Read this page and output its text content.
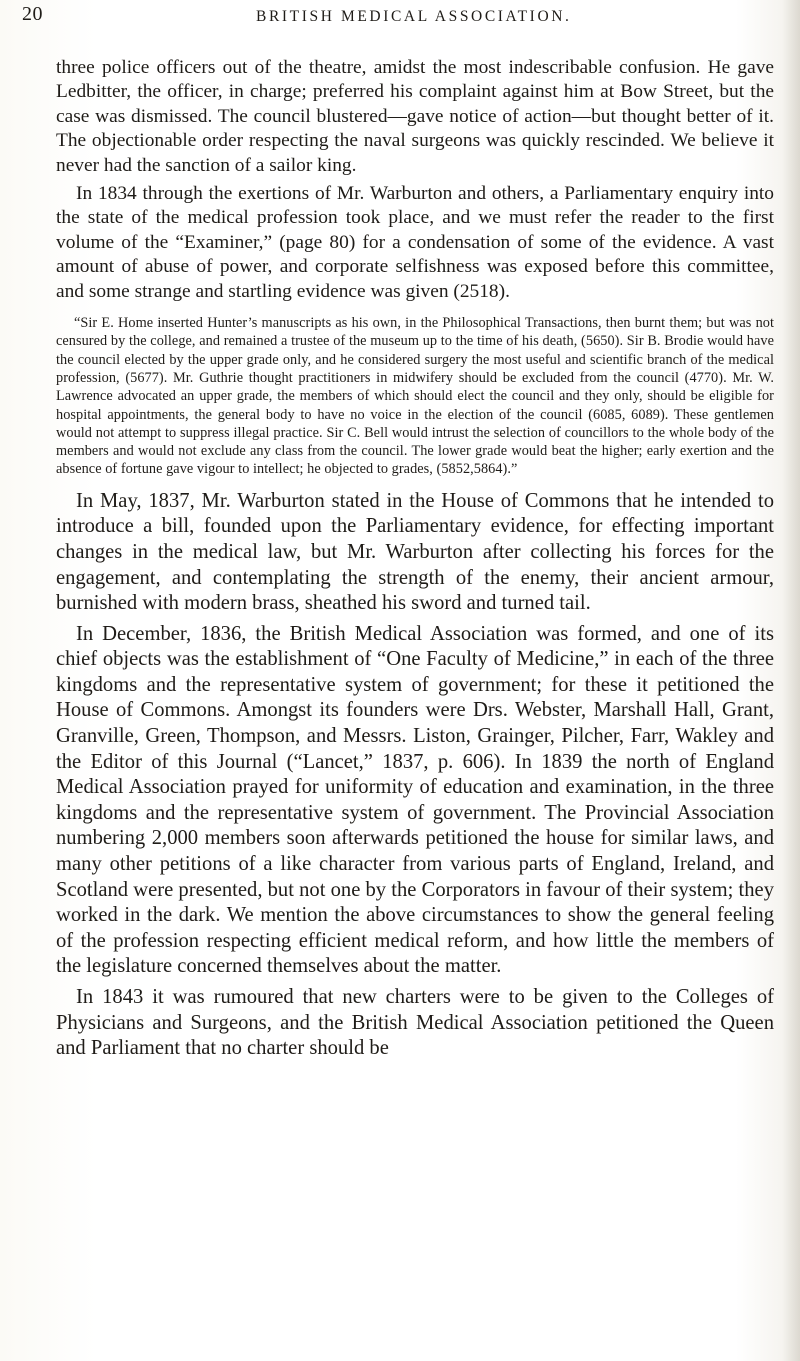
20	BRITISH MEDICAL ASSOCIATION.

three police officers out of the theatre, amidst the most indescribable confusion. He gave Ledbitter, the officer, in charge; preferred his complaint against him at Bow Street, but the case was dismissed. The council blustered—gave notice of action—but thought better of it. The objectionable order respecting the naval surgeons was quickly rescinded. We believe it never had the sanction of a sailor king.

In 1834 through the exertions of Mr. Warburton and others, a Parliamentary enquiry into the state of the medical profession took place, and we must refer the reader to the first volume of the “Examiner,” (page 80) for a condensation of some of the evidence. A vast amount of abuse of power, and corporate selfishness was exposed before this committee, and some strange and startling evidence was given (2518).

“Sir E. Home inserted Hunter’s manuscripts as his own, in the Philosophical Transactions, then burnt them; but was not censured by the college, and remained a trustee of the museum up to the time of his death, (5650). Sir B. Brodie would have the council elected by the upper grade only, and he considered surgery the most useful and scientific branch of the medical profession, (5677). Mr. Guthrie thought practitioners in midwifery should be excluded from the council (4770). Mr. W. Lawrence advocated an upper grade, the members of which should elect the council and they only, should be eligible for hospital appointments, the general body to have no voice in the election of the council (6085, 6089). These gentlemen would not attempt to suppress illegal practice. Sir C. Bell would intrust the selection of councillors to the whole body of the members and would not exclude any class from the council. The lower grade would beat the higher; early exertion and the absence of fortune gave vigour to intellect; he objected to grades, (5852,5864).”

In May, 1837, Mr. Warburton stated in the House of Commons that he intended to introduce a bill, founded upon the Parliamentary evidence, for effecting important changes in the medical law, but Mr. Warburton after collecting his forces for the engagement, and contemplating the strength of the enemy, their ancient armour, burnished with modern brass, sheathed his sword and turned tail.

In December, 1836, the British Medical Association was formed, and one of its chief objects was the establishment of “One Faculty of Medicine,” in each of the three kingdoms and the representative system of government; for these it petitioned the House of Commons. Amongst its founders were Drs. Webster, Marshall Hall, Grant, Granville, Green, Thompson, and Messrs. Liston, Grainger, Pilcher, Farr, Wakley and the Editor of this Journal (“Lancet,” 1837, p. 606). In 1839 the north of England Medical Association prayed for uniformity of education and examination, in the three kingdoms and the representative system of government. The Provincial Association numbering 2,000 members soon afterwards petitioned the house for similar laws, and many other petitions of a like character from various parts of England, Ireland, and Scotland were presented, but not one by the Corporators in favour of their system; they worked in the dark. We mention the above circumstances to show the general feeling of the profession respecting efficient medical reform, and how little the members of the legislature concerned themselves about the matter.

In 1843 it was rumoured that new charters were to be given to the Colleges of Physicians and Surgeons, and the British Medical Association petitioned the Queen and Parliament that no charter should be
